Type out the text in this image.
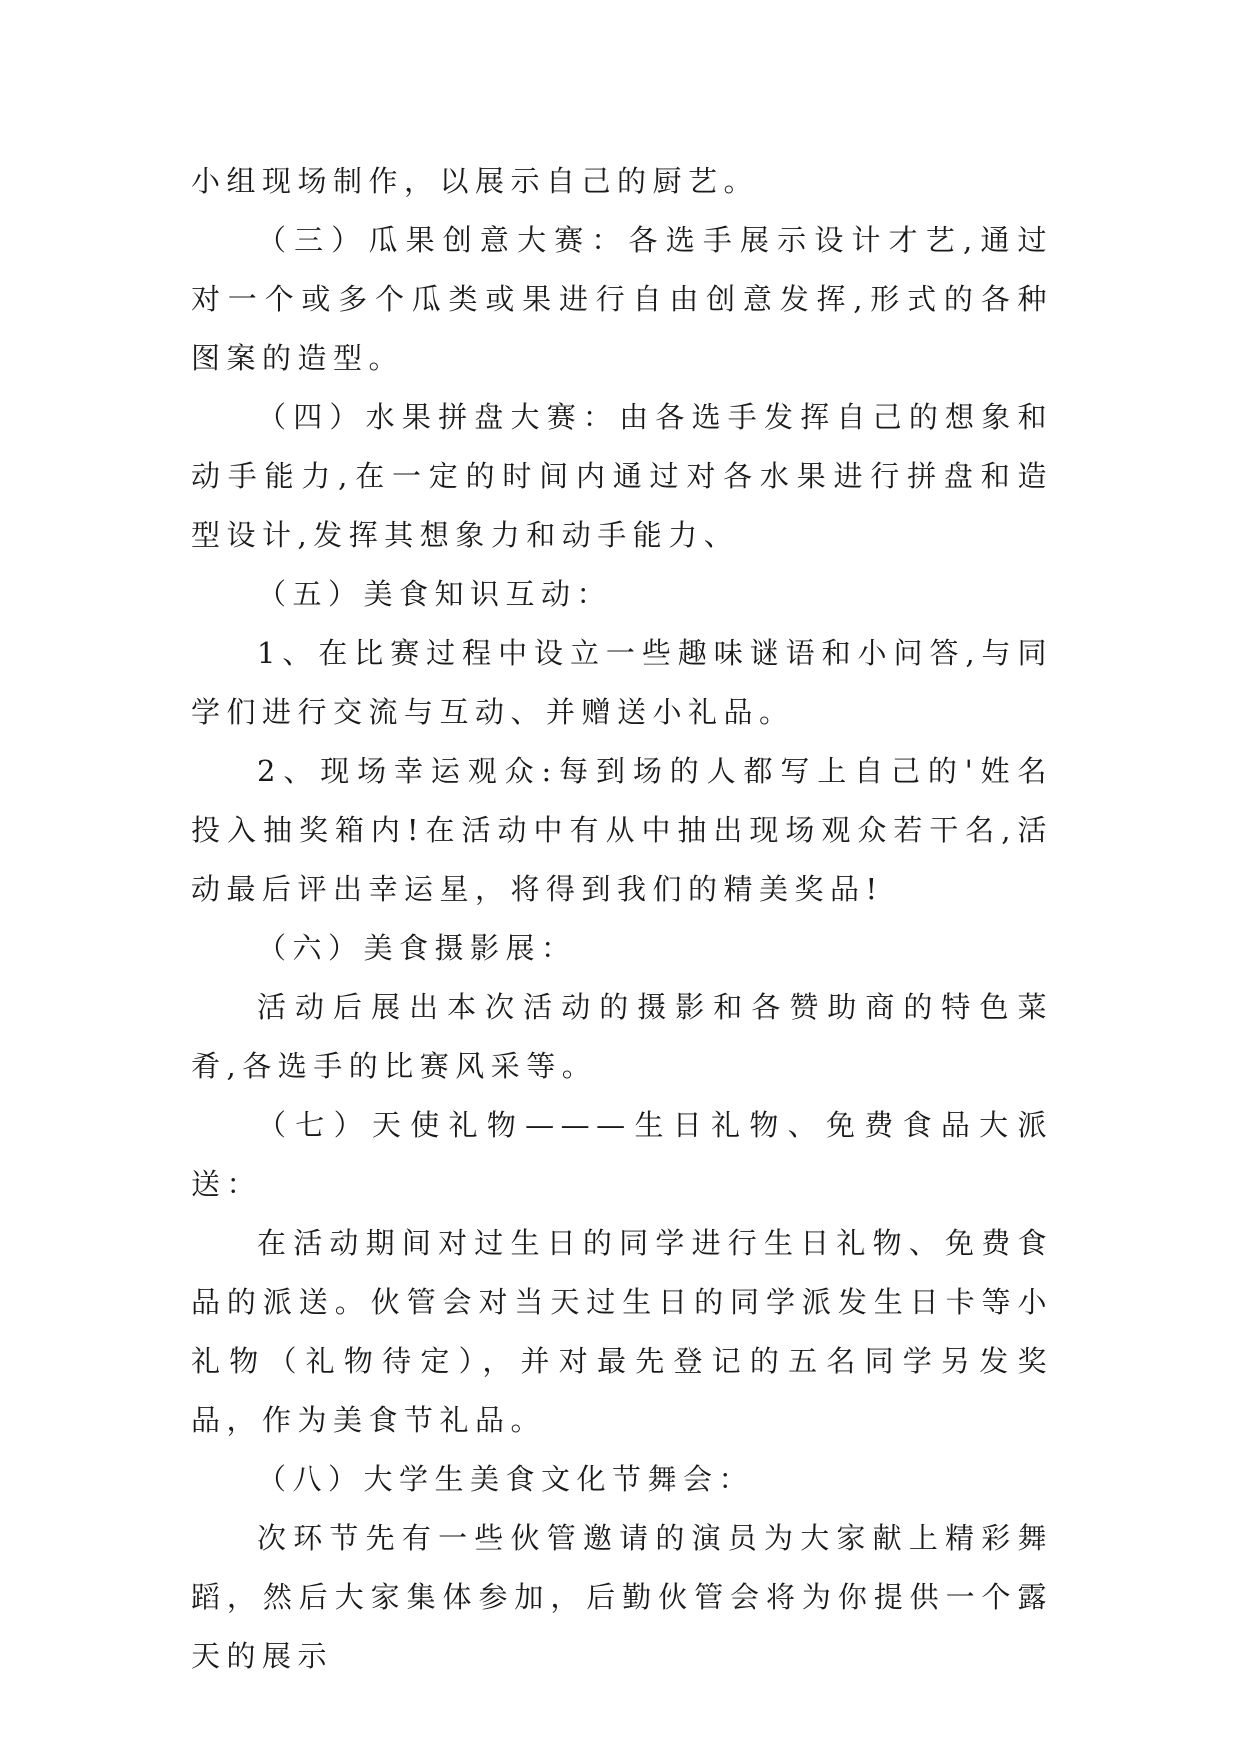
小组现场制作，以展示自己的厨艺。

（三）瓜果创意大赛：各选手展示设计才艺,通过对一个或多个瓜类或果进行自由创意发挥,形式的各种图案的造型。

（四）水果拼盘大赛：由各选手发挥自己的想象和动手能力,在一定的时间内通过对各水果进行拼盘和造型设计,发挥其想象力和动手能力、

（五）美食知识互动：

1、在比赛过程中设立一些趣味谜语和小问答,与同学们进行交流与互动、并赠送小礼品。

2、现场幸运观众:每到场的人都写上自己的'姓名投入抽奖箱内!在活动中有从中抽出现场观众若干名,活动最后评出幸运星，将得到我们的精美奖品!

（六）美食摄影展：

活动后展出本次活动的摄影和各赞助商的特色菜肴,各选手的比赛风采等。

（七）天使礼物———生日礼物、免费食品大派送：

在活动期间对过生日的同学进行生日礼物、免费食品的派送。伙管会对当天过生日的同学派发生日卡等小礼物（礼物待定），并对最先登记的五名同学另发奖品，作为美食节礼品。

（八）大学生美食文化节舞会：

次环节先有一些伙管邀请的演员为大家献上精彩舞蹈，然后大家集体参加，后勤伙管会将为你提供一个露天的展示
